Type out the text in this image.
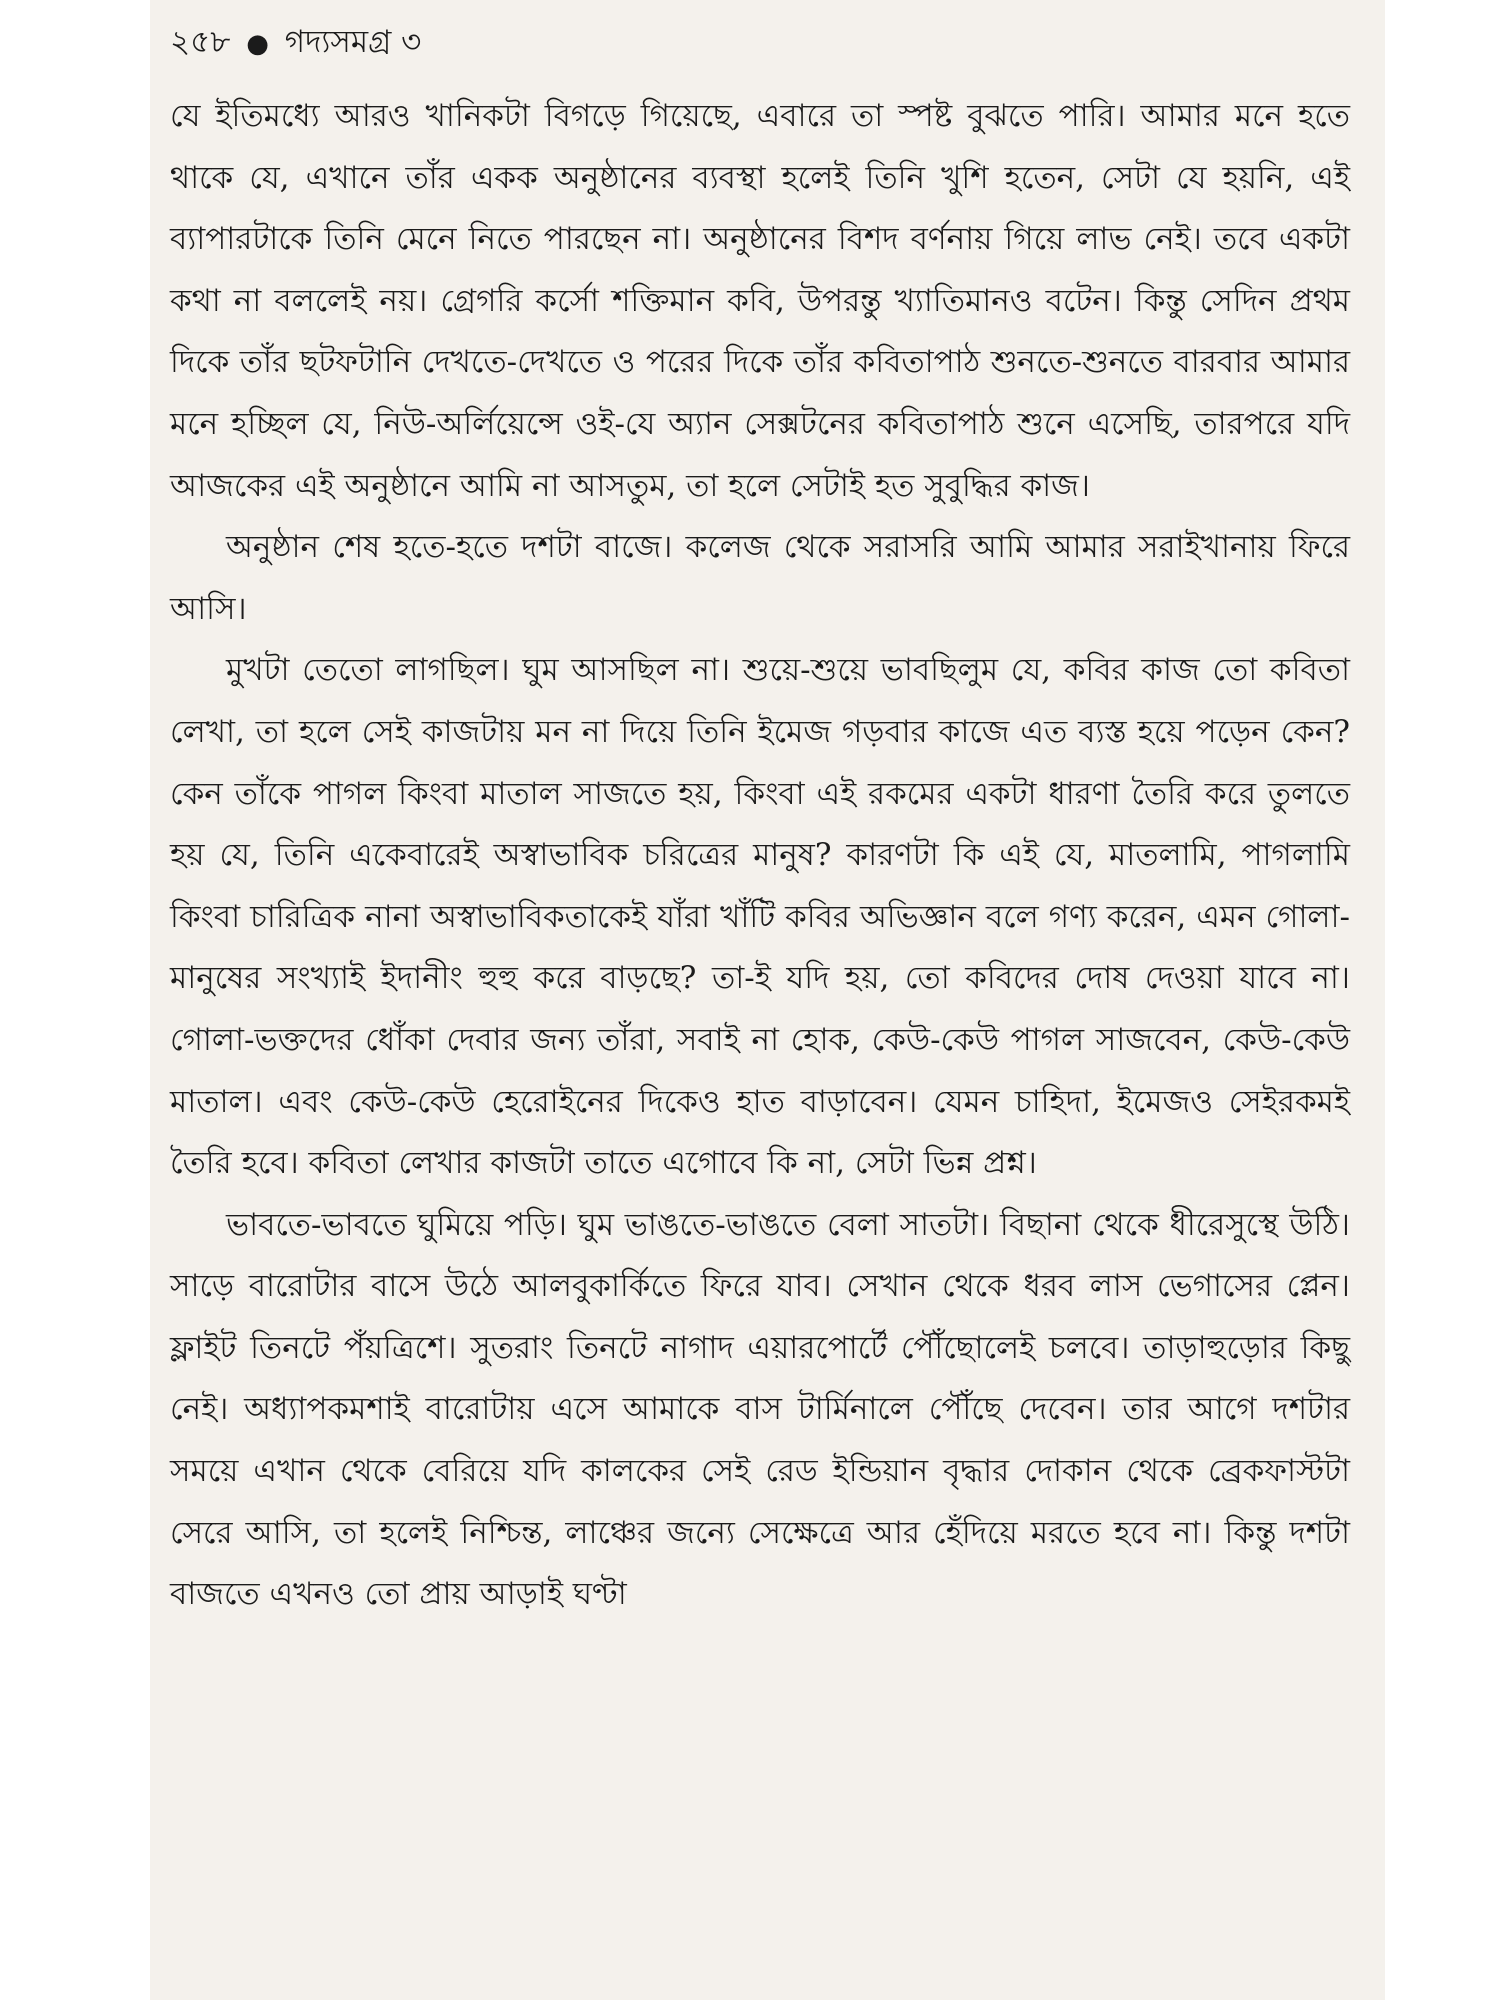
২৫৮ ● গদ্যসমগ্র ৩

যে ইতিমধ্যে আরও খানিকটা বিগড়ে গিয়েছে, এবারে তা স্পষ্ট বুঝতে পারি। আমার মনে হতে থাকে যে, এখানে তাঁর একক অনুষ্ঠানের ব্যবস্থা হলেই তিনি খুশি হতেন, সেটা যে হয়নি, এই ব্যাপারটাকে তিনি মেনে নিতে পারছেন না। অনুষ্ঠানের বিশদ বর্ণনায় গিয়ে লাভ নেই। তবে একটা কথা না বললেই নয়। গ্রেগরি কর্সো শক্তিমান কবি, উপরন্তু খ্যাতিমানও বটেন। কিন্তু সেদিন প্রথম দিকে তাঁর ছটফটানি দেখতে-দেখতে ও পরের দিকে তাঁর কবিতাপাঠ শুনতে-শুনতে বারবার আমার মনে হচ্ছিল যে, নিউ-অর্লিয়েন্সে ওই-যে অ্যান সেক্সটনের কবিতাপাঠ শুনে এসেছি, তারপরে যদি আজকের এই অনুষ্ঠানে আমি না আসতুম, তা হলে সেটাই হত সুবুদ্ধির কাজ।

অনুষ্ঠান শেষ হতে-হতে দশটা বাজে। কলেজ থেকে সরাসরি আমি আমার সরাইখানায় ফিরে আসি।

মুখটা তেতো লাগছিল। ঘুম আসছিল না। শুয়ে-শুয়ে ভাবছিলুম যে, কবির কাজ তো কবিতা লেখা, তা হলে সেই কাজটায় মন না দিয়ে তিনি ইমেজ গড়বার কাজে এত ব্যস্ত হয়ে পড়েন কেন? কেন তাঁকে পাগল কিংবা মাতাল সাজতে হয়, কিংবা এই রকমের একটা ধারণা তৈরি করে তুলতে হয় যে, তিনি একেবারেই অস্বাভাবিক চরিত্রের মানুষ? কারণটা কি এই যে, মাতলামি, পাগলামি কিংবা চারিত্রিক নানা অস্বাভাবিকতাকেই যাঁরা খাঁটি কবির অভিজ্ঞান বলে গণ্য করেন, এমন গোলা-মানুষের সংখ্যাই ইদানীং হুহু করে বাড়ছে? তা-ই যদি হয়, তো কবিদের দোষ দেওয়া যাবে না। গোলা-ভক্তদের ধোঁকা দেবার জন্য তাঁরা, সবাই না হোক, কেউ-কেউ পাগল সাজবেন, কেউ-কেউ মাতাল। এবং কেউ-কেউ হেরোইনের দিকেও হাত বাড়াবেন। যেমন চাহিদা, ইমেজও সেইরকমই তৈরি হবে। কবিতা লেখার কাজটা তাতে এগোবে কি না, সেটা ভিন্ন প্রশ্ন।

ভাবতে-ভাবতে ঘুমিয়ে পড়ি। ঘুম ভাঙতে-ভাঙতে বেলা সাতটা। বিছানা থেকে ধীরেসুস্থে উঠি। সাড়ে বারোটার বাসে উঠে আলবুকার্কিতে ফিরে যাব। সেখান থেকে ধরব লাস ভেগাসের প্লেন। ফ্লাইট তিনটে পঁয়ত্রিশে। সুতরাং তিনটে নাগাদ এয়ারপোর্টে পৌঁছোলেই চলবে। তাড়াহুড়োর কিছু নেই। অধ্যাপকমশাই বারোটায় এসে আমাকে বাস টার্মিনালে পৌঁছে দেবেন। তার আগে দশটার সময়ে এখান থেকে বেরিয়ে যদি কালকের সেই রেড ইন্ডিয়ান বৃদ্ধার দোকান থেকে ব্রেকফাস্টটা সেরে আসি, তা হলেই নিশ্চিন্ত, লাঞ্চের জন্যে সেক্ষেত্রে আর হেঁদিয়ে মরতে হবে না। কিন্তু দশটা বাজতে এখনও তো প্রায় আড়াই ঘণ্টা
